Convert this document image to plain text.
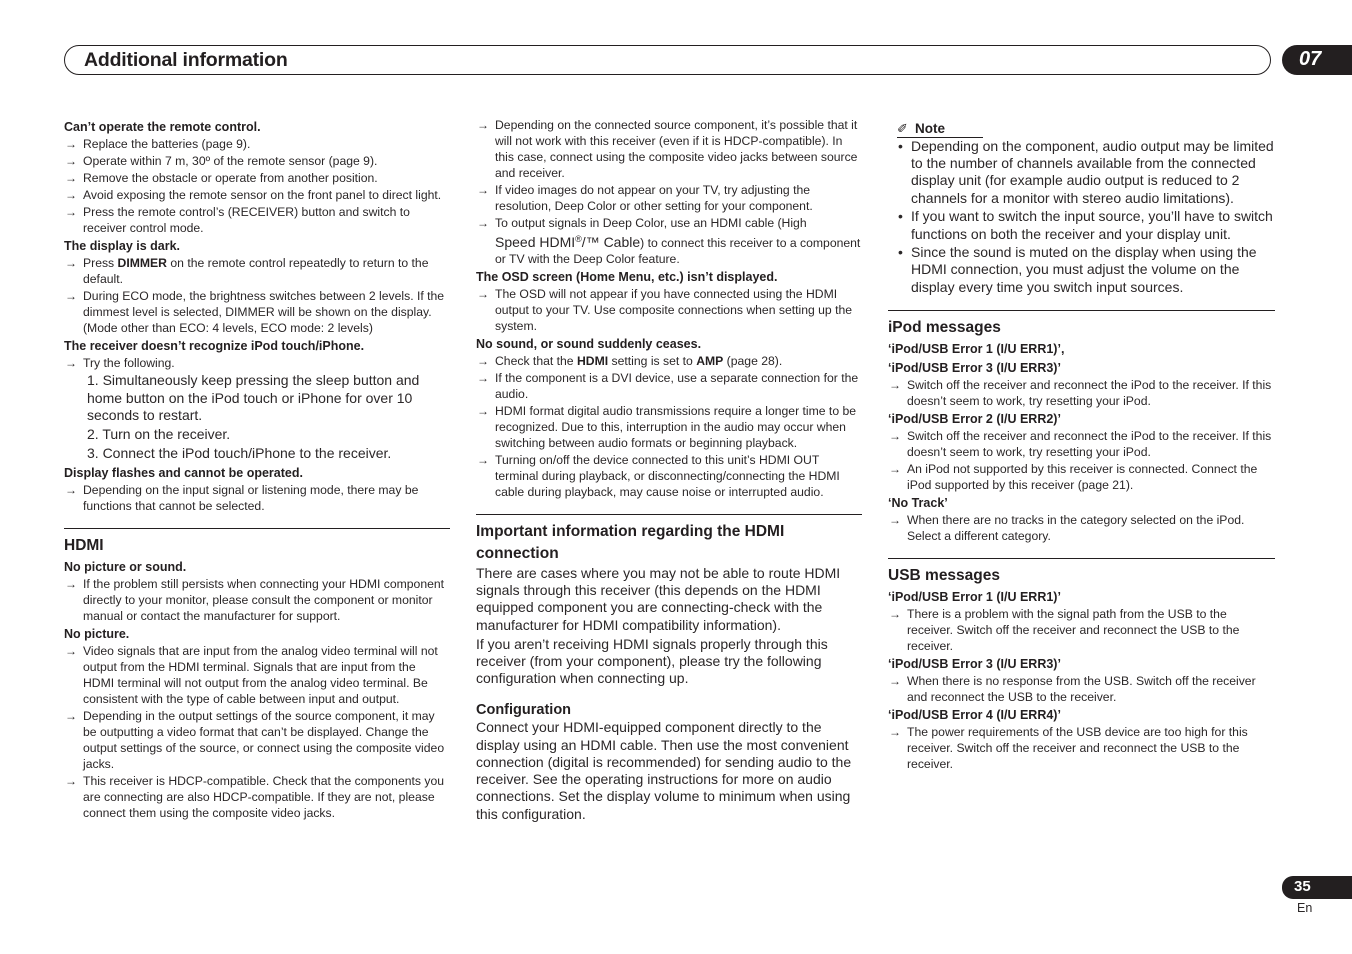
Additional information	07
Can’t operate the remote control.
→ Replace the batteries (page 9).
→ Operate within 7 m, 30º of the remote sensor (page 9).
→ Remove the obstacle or operate from another position.
→ Avoid exposing the remote sensor on the front panel to direct light.
→ Press the remote control’s (RECEIVER) button and switch to receiver control mode.
The display is dark.
→ Press DIMMER on the remote control repeatedly to return to the default.
→ During ECO mode, the brightness switches between 2 levels. If the dimmest level is selected, DIMMER will be shown on the display. (Mode other than ECO: 4 levels, ECO mode: 2 levels)
The receiver doesn’t recognize iPod touch/iPhone.
→ Try the following.
1. Simultaneously keep pressing the sleep button and home button on the iPod touch or iPhone for over 10 seconds to restart.
2. Turn on the receiver.
3. Connect the iPod touch/iPhone to the receiver.
Display flashes and cannot be operated.
→ Depending on the input signal or listening mode, there may be functions that cannot be selected.
HDMI
No picture or sound.
→ If the problem still persists when connecting your HDMI component directly to your monitor, please consult the component or monitor manual or contact the manufacturer for support.
No picture.
→ Video signals that are input from the analog video terminal will not output from the HDMI terminal. Signals that are input from the HDMI terminal will not output from the analog video terminal. Be consistent with the type of cable between input and output.
→ Depending in the output settings of the source component, it may be outputting a video format that can’t be displayed. Change the output settings of the source, or connect using the composite video jacks.
→ This receiver is HDCP-compatible. Check that the components you are connecting are also HDCP-compatible. If they are not, please connect them using the composite video jacks.
→ Depending on the connected source component, it’s possible that it will not work with this receiver (even if it is HDCP-compatible). In this case, connect using the composite video jacks between source and receiver.
→ If video images do not appear on your TV, try adjusting the resolution, Deep Color or other setting for your component.
→ To output signals in Deep Color, use an HDMI cable (High
Speed HDMI®/™ Cable) to connect this receiver to a component or TV with the Deep Color feature.
The OSD screen (Home Menu, etc.) isn’t displayed.
→ The OSD will not appear if you have connected using the HDMI output to your TV. Use composite connections when setting up the system.
No sound, or sound suddenly ceases.
→ Check that the HDMI setting is set to AMP (page 28).
→ If the component is a DVI device, use a separate connection for the audio.
→ HDMI format digital audio transmissions require a longer time to be recognized. Due to this, interruption in the audio may occur when switching between audio formats or beginning playback.
→ Turning on/off the device connected to this unit’s HDMI OUT terminal during playback, or disconnecting/connecting the HDMI cable during playback, may cause noise or interrupted audio.
Important information regarding the HDMI connection
There are cases where you may not be able to route HDMI signals through this receiver (this depends on the HDMI equipped component you are connecting-check with the manufacturer for HDMI compatibility information).
If you aren’t receiving HDMI signals properly through this receiver (from your component), please try the following configuration when connecting up.
Configuration
Connect your HDMI-equipped component directly to the display using an HDMI cable. Then use the most convenient connection (digital is recommended) for sending audio to the receiver. See the operating instructions for more on audio connections. Set the display volume to minimum when using this configuration.
✐ Note
• Depending on the component, audio output may be limited to the number of channels available from the connected display unit (for example audio output is reduced to 2 channels for a monitor with stereo audio limitations).
• If you want to switch the input source, you’ll have to switch functions on both the receiver and your display unit.
• Since the sound is muted on the display when using the HDMI connection, you must adjust the volume on the display every time you switch input sources.
iPod messages
‘iPod/USB Error 1 (I/U ERR1)’,
‘iPod/USB Error 3 (I/U ERR3)’
→ Switch off the receiver and reconnect the iPod to the receiver. If this doesn’t seem to work, try resetting your iPod.
‘iPod/USB Error 2 (I/U ERR2)’
→ Switch off the receiver and reconnect the iPod to the receiver. If this doesn’t seem to work, try resetting your iPod.
→ An iPod not supported by this receiver is connected. Connect the iPod supported by this receiver (page 21).
‘No Track’
→ When there are no tracks in the category selected on the iPod. Select a different category.
USB messages
‘iPod/USB Error 1 (I/U ERR1)’
→ There is a problem with the signal path from the USB to the receiver. Switch off the receiver and reconnect the USB to the receiver.
‘iPod/USB Error 3 (I/U ERR3)’
→ When there is no response from the USB. Switch off the receiver and reconnect the USB to the receiver.
‘iPod/USB Error 4 (I/U ERR4)’
→ The power requirements of the USB device are too high for this receiver. Switch off the receiver and reconnect the USB to the receiver.
35
En
